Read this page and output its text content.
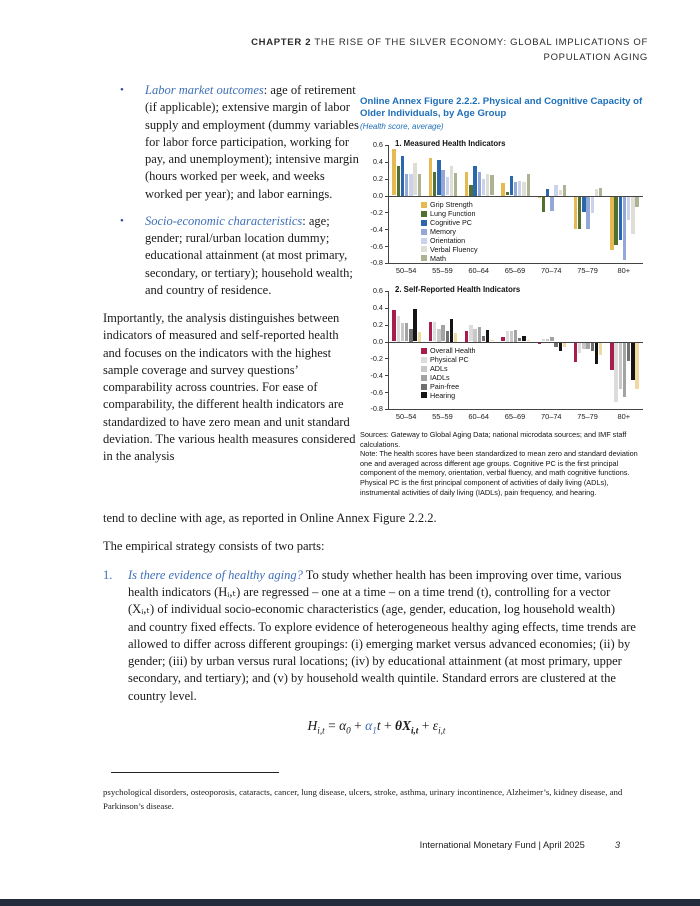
CHAPTER 2 THE RISE OF THE SILVER ECONOMY: GLOBAL IMPLICATIONS OF
POPULATION AGING
•	Labor market outcomes: age of retirement (if applicable); extensive margin of labor supply and employment (dummy variables for labor force participation, working for pay, and unemployment); intensive margin (hours worked per week, and weeks worked per year); and labor earnings.
•	Socio-economic characteristics: age; gender; rural/urban location dummy; educational attainment (at most primary, secondary, or tertiary); household wealth; and country of residence.
Importantly, the analysis distinguishes between indicators of measured and self-reported health and focuses on the indicators with the highest sample coverage and survey questions’ comparability across countries. For ease of comparability, the different health indicators are standardized to have zero mean and unit standard deviation. The various health measures considered in the analysis
Online Annex Figure 2.2.2. Physical and Cognitive Capacity of Older Individuals, by Age Group
(Health score, average)
1. Measured Health Indicators
Grip Strength
Lung Function
Cognitive PC
Memory
Orientation
Verbal Fluency
Math
0.6
0.4
0.2
0.0
-0.2
-0.4
-0.6
-0.8
50–54	55–59	60–64	65–69	70–74	75–79	80+
2. Self-Reported Health Indicators
Overall Health
Physical PC
ADLs
IADLs
Pain-free
Hearing
0.6
0.4
0.2
0.0
-0.2
-0.4
-0.6
-0.8
50–54	55–59	60–64	65–69	70–74	75–79	80+
Sources: Gateway to Global Aging Data; national microdata sources; and IMF staff calculations.
Note: The health scores have been standardized to mean zero and standard deviation one and averaged across different age groups. Cognitive PC is the first principal component of the memory, orientation, verbal fluency, and math cognitive functions. Physical PC is the first principal component of activities of daily living (ADLs), instrumental activities of daily living (IADLs), pain frequency, and hearing.
tend to decline with age, as reported in Online Annex Figure 2.2.2.
The empirical strategy consists of two parts:
1.	Is there evidence of healthy aging? To study whether health has been improving over time, various health indicators (Hᵢ,ₜ) are regressed – one at a time – on a time trend (t), controlling for a vector (Xᵢ,ₜ) of individual socio-economic characteristics (age, gender, education, log household wealth) and country fixed effects. To explore evidence of heterogeneous healthy aging effects, time trends are allowed to differ across different groupings: (i) emerging market versus advanced economies; (ii) by gender; (iii) by urban versus rural locations; (iv) by educational attainment (at most primary, upper secondary, and tertiary); and (v) by household wealth quintile. Standard errors are clustered at the country level.
$H_{i,t} = \alpha_0 + \alpha_1t + \theta X_{i,t} + \varepsilon_{i,t}$
psychological disorders, osteoporosis, cataracts, cancer, lung disease, ulcers, stroke, asthma, urinary incontinence, Alzheimer’s, kidney disease, and Parkinson’s disease.
International Monetary Fund | April 2025	3
